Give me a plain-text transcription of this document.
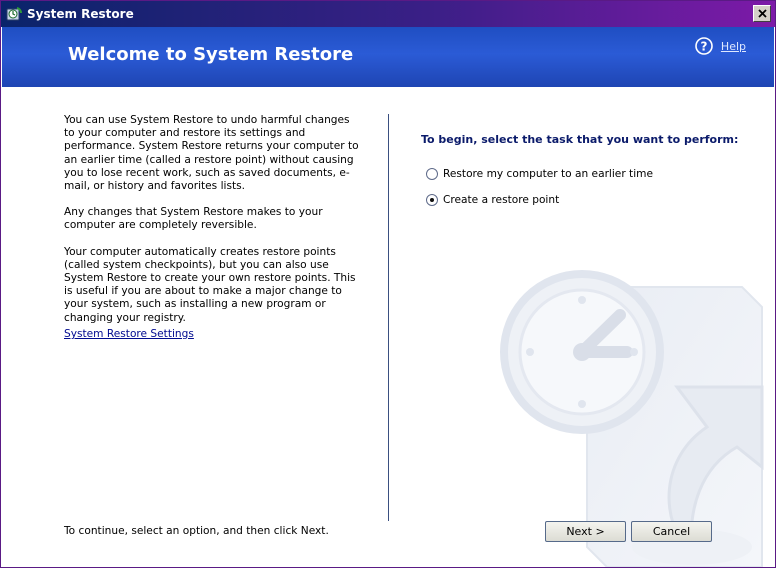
System Restore
Welcome to System Restore	? Help

You can use System Restore to undo harmful changes to your computer and restore its settings and performance. System Restore returns your computer to an earlier time (called a restore point) without causing you to lose recent work, such as saved documents, e-mail, or history and favorites lists.

Any changes that System Restore makes to your computer are completely reversible.

Your computer automatically creates restore points (called system checkpoints), but you can also use System Restore to create your own restore points. This is useful if you are about to make a major change to your system, such as installing a new program or changing your registry.

System Restore Settings
To begin, select the task that you want to perform:
Restore my computer to an earlier time
Create a restore point
To continue, select an option, and then click Next.	Next >	Cancel
